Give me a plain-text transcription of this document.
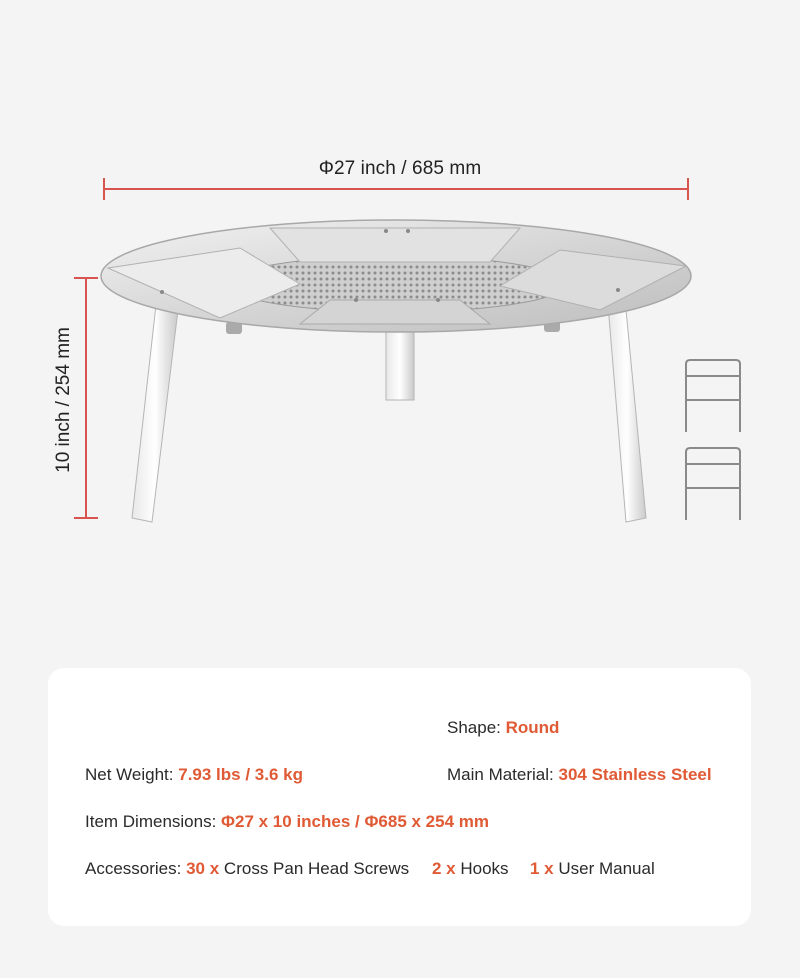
Φ27 inch / 685 mm
10 inch / 254 mm
Shape: Round
Net Weight: 7.93 lbs / 3.6 kg	Main Material: 304 Stainless Steel
Item Dimensions: Φ27 x 10 inches / Φ685 x 254 mm
Accessories: 30 x Cross Pan Head Screws 2 x Hooks 1 x User Manual
